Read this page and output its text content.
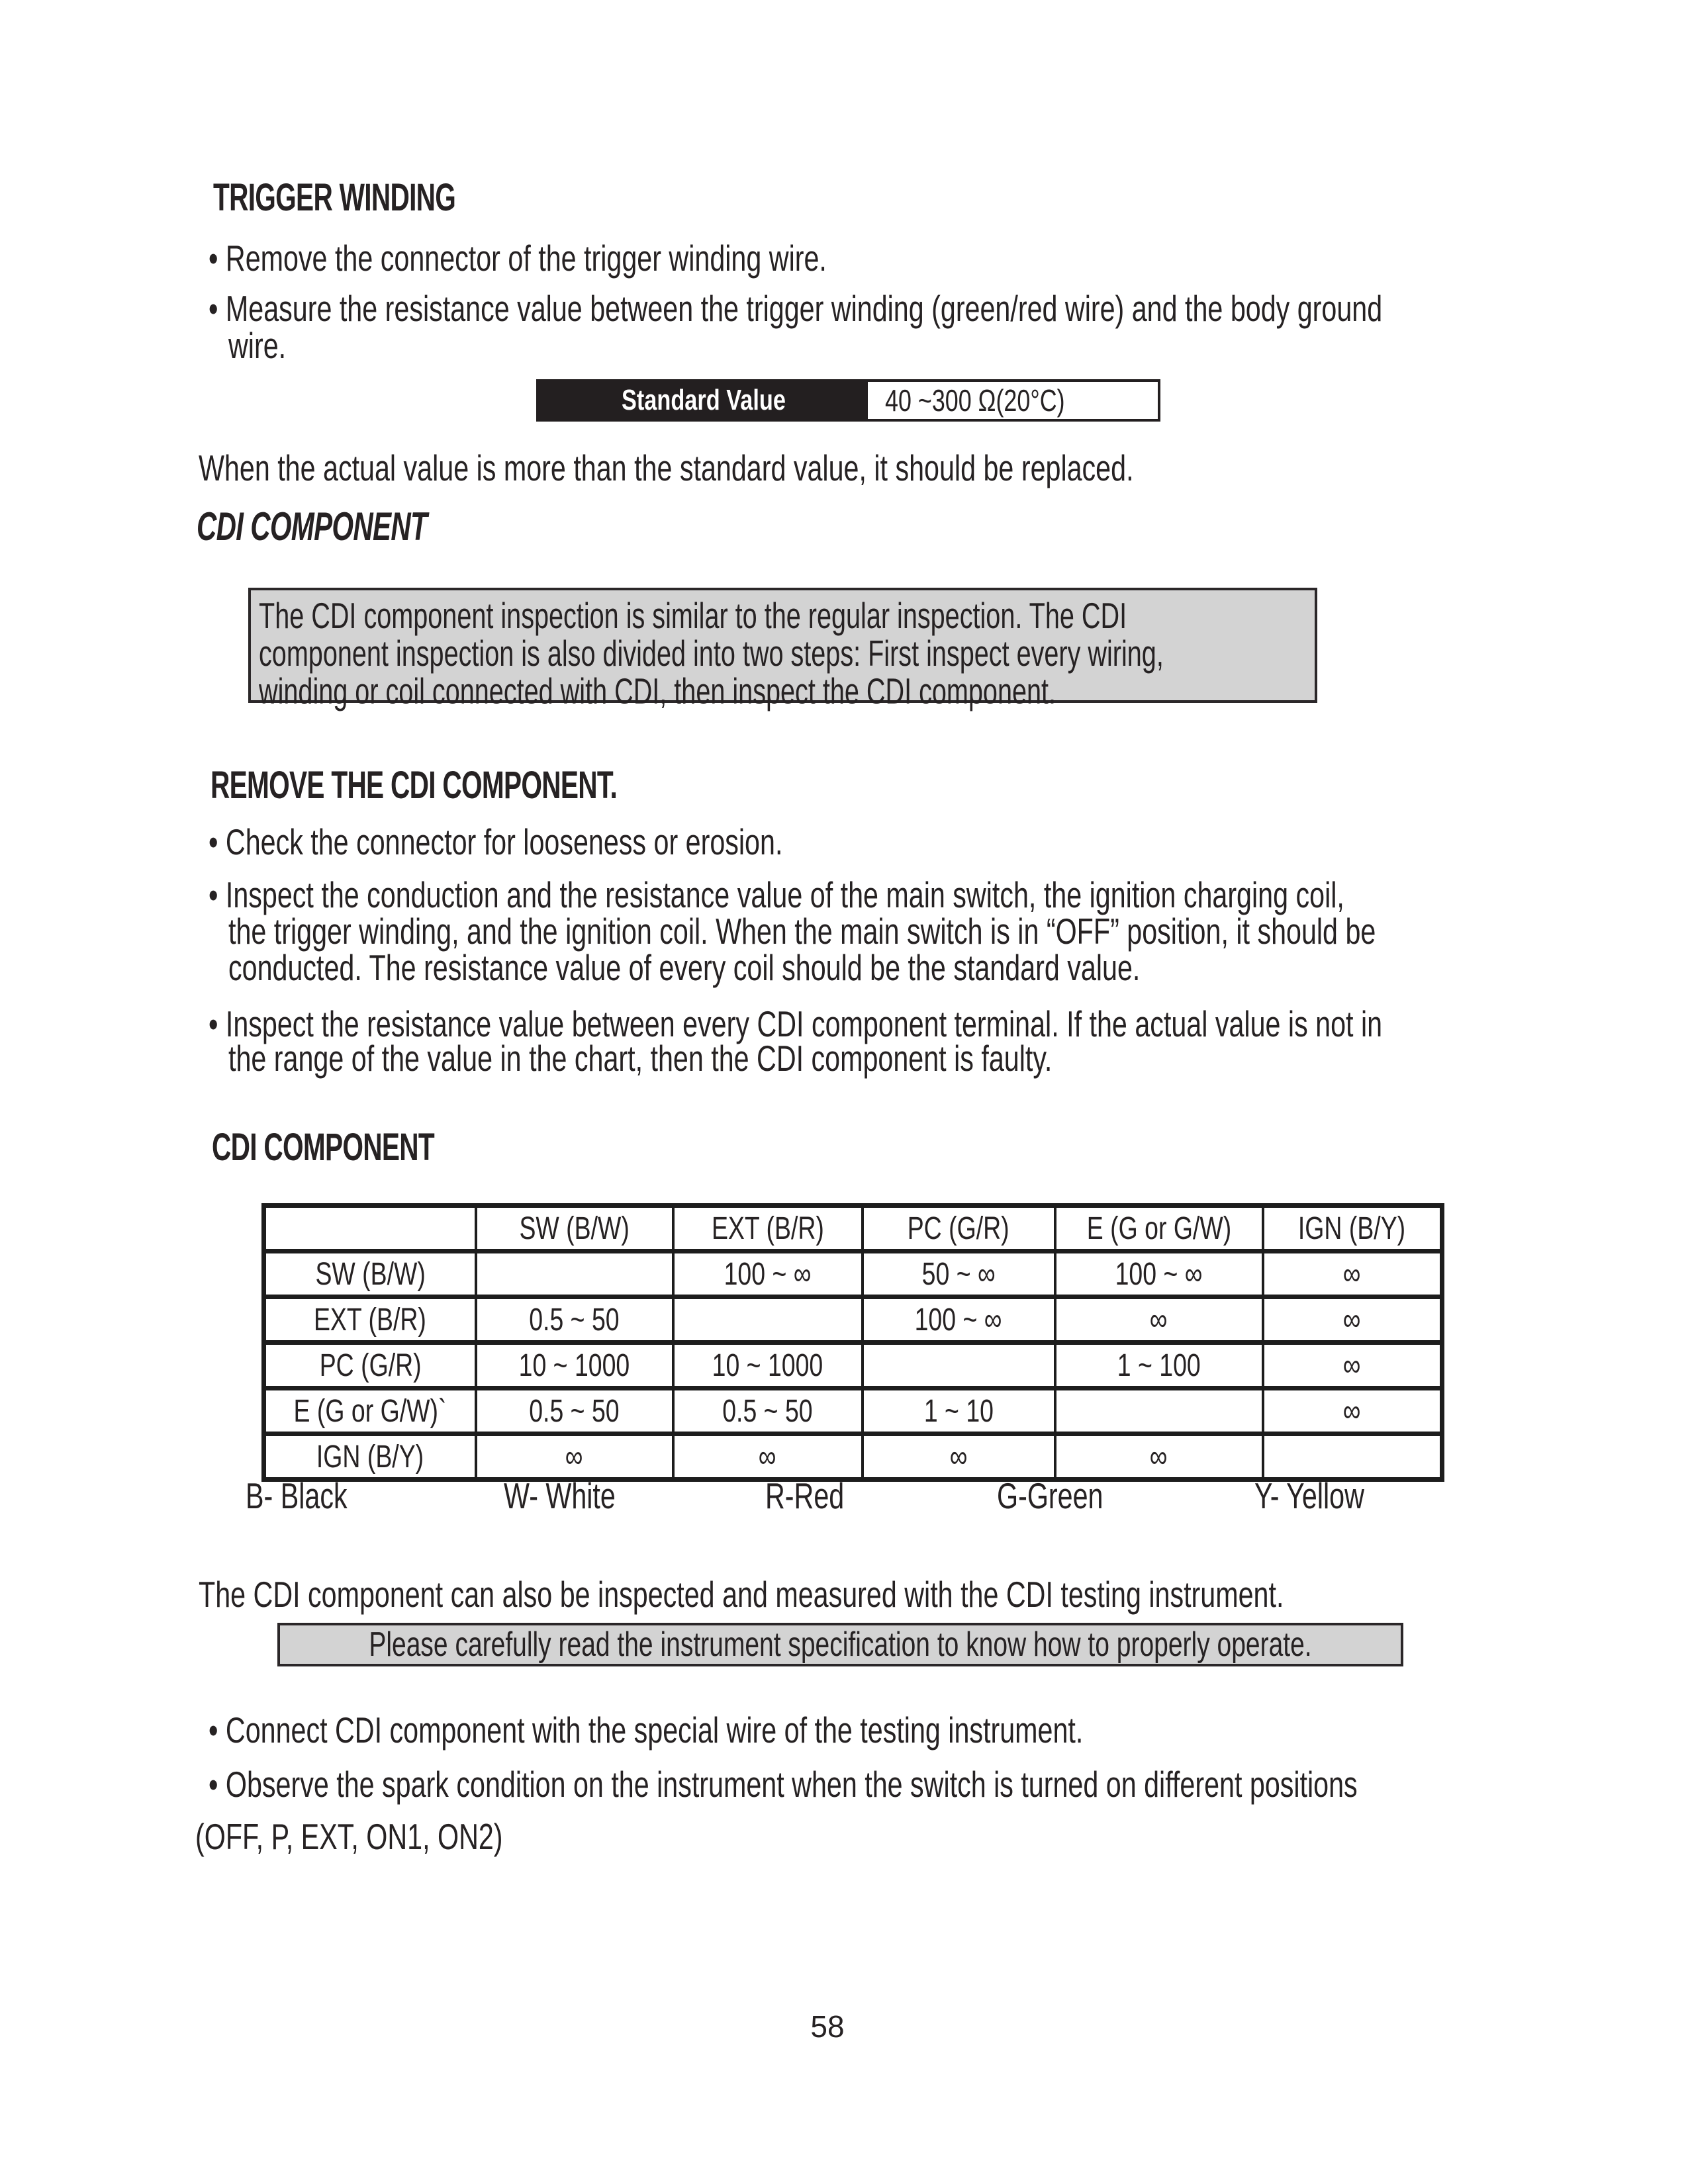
TRIGGER WINDING
• Remove the connector of the trigger winding wire.
• Measure the resistance value between the trigger winding (green/red wire) and the body ground
wire.
Standard Value	40 ~300 Ω(20°C)
When the actual value is more than the standard value, it should be replaced.
CDI COMPONENT
The CDI component inspection is similar to the regular inspection. The CDI
component inspection is also divided into two steps: First inspect every wiring,
winding or coil connected with CDI, then inspect the CDI component.
REMOVE THE CDI COMPONENT.
• Check the connector for looseness or erosion.
• Inspect the conduction and the resistance value of the main switch, the ignition charging coil,
the trigger winding, and the ignition coil. When the main switch is in “OFF” position, it should be
conducted. The resistance value of every coil should be the standard value.
• Inspect the resistance value between every CDI component terminal. If the actual value is not in
the range of the value in the chart, then the CDI component is faulty.
CDI COMPONENT
	SW (B/W)	EXT (B/R)	PC (G/R)	E (G or G/W)	IGN (B/Y)
SW (B/W)		100 ~ ∞	50 ~ ∞	100 ~ ∞	∞
EXT (B/R)	0.5 ~ 50		100 ~ ∞	∞	∞
PC (G/R)	10 ~ 1000	10 ~ 1000		1 ~ 100	∞
E (G or G/W)`	0.5 ~ 50	0.5 ~ 50	1 ~ 10		∞
IGN (B/Y)	∞	∞	∞	∞	
B- Black	W- White	R-Red	G-Green	Y- Yellow
The CDI component can also be inspected and measured with the CDI testing instrument.
Please carefully read the instrument specification to know how to properly operate.
• Connect CDI component with the special wire of the testing instrument.
• Observe the spark condition on the instrument when the switch is turned on different positions
(OFF, P, EXT, ON1, ON2)
58
